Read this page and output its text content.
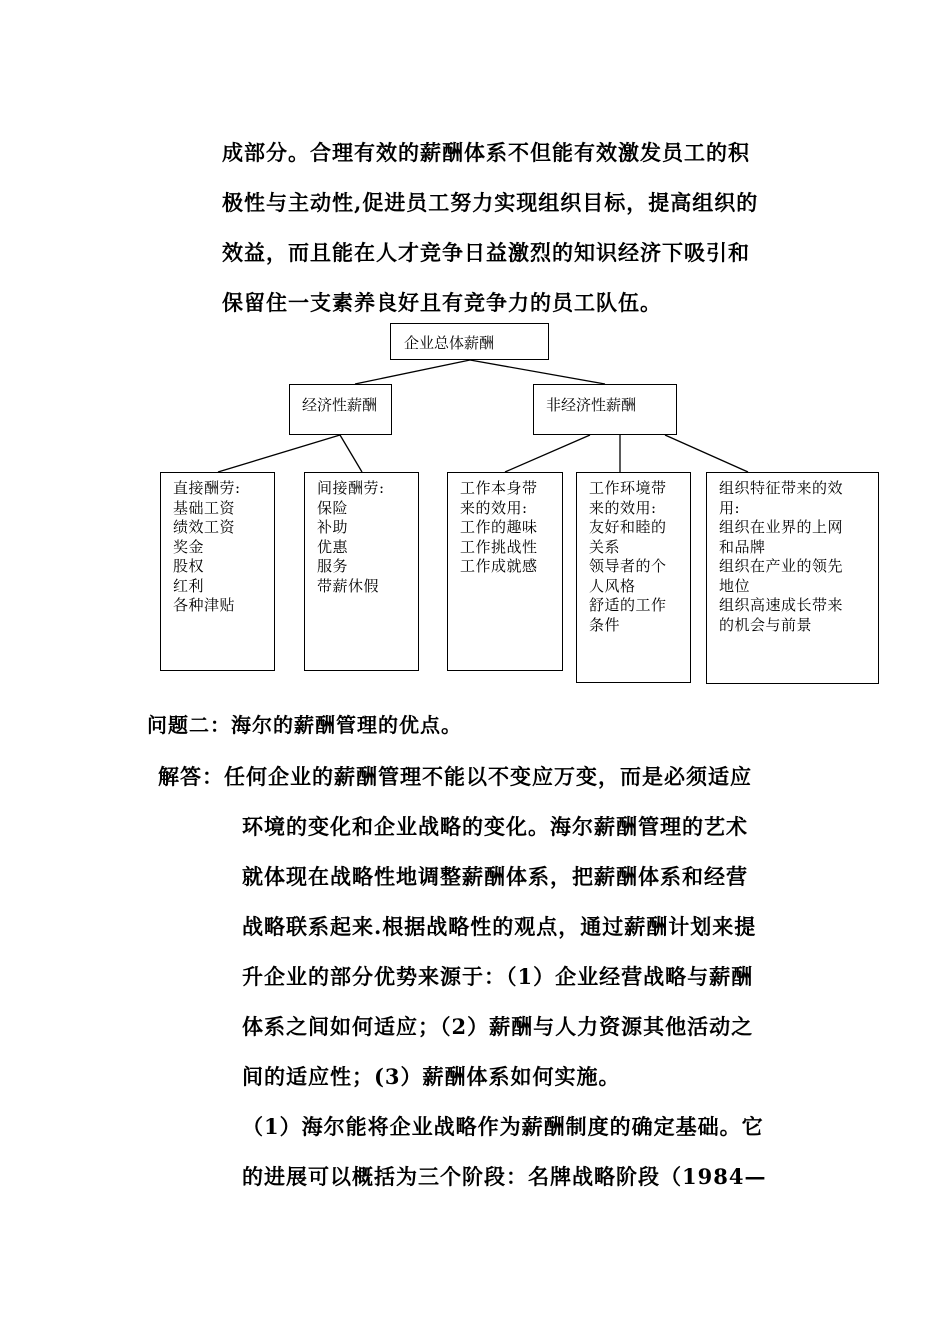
成部分。合理有效的薪酬体系不但能有效激发员工的积
极性与主动性,促进员工努力实现组织目标，提高组织的
效益，而且能在人才竞争日益激烈的知识经济下吸引和
保留住一支素养良好且有竞争力的员工队伍。
企业总体薪酬
经济性薪酬	非经济性薪酬
直接酬劳:
基础工资
绩效工资
奖金
股权
红利
各种津贴
间接酬劳:
保险
补助
优惠
服务
带薪休假
工作本身带
来的效用:
工作的趣味
工作挑战性
工作成就感
工作环境带
来的效用:
友好和睦的
关系
领导者的个
人风格
舒适的工作
条件
组织特征带来的效
用:
组织在业界的上网
和品牌
组织在产业的领先
地位
组织高速成长带来
的机会与前景
问题二：海尔的薪酬管理的优点。
解答：任何企业的薪酬管理不能以不变应万变，而是必须适应
环境的变化和企业战略的变化。海尔薪酬管理的艺术
就体现在战略性地调整薪酬体系，把薪酬体系和经营
战略联系起来.根据战略性的观点，通过薪酬计划来提
升企业的部分优势来源于：（1）企业经营战略与薪酬
体系之间如何适应；（2）薪酬与人力资源其他活动之
间的适应性；(3）薪酬体系如何实施。
（1）海尔能将企业战略作为薪酬制度的确定基础。它
的进展可以概括为三个阶段：名牌战略阶段（1984—
